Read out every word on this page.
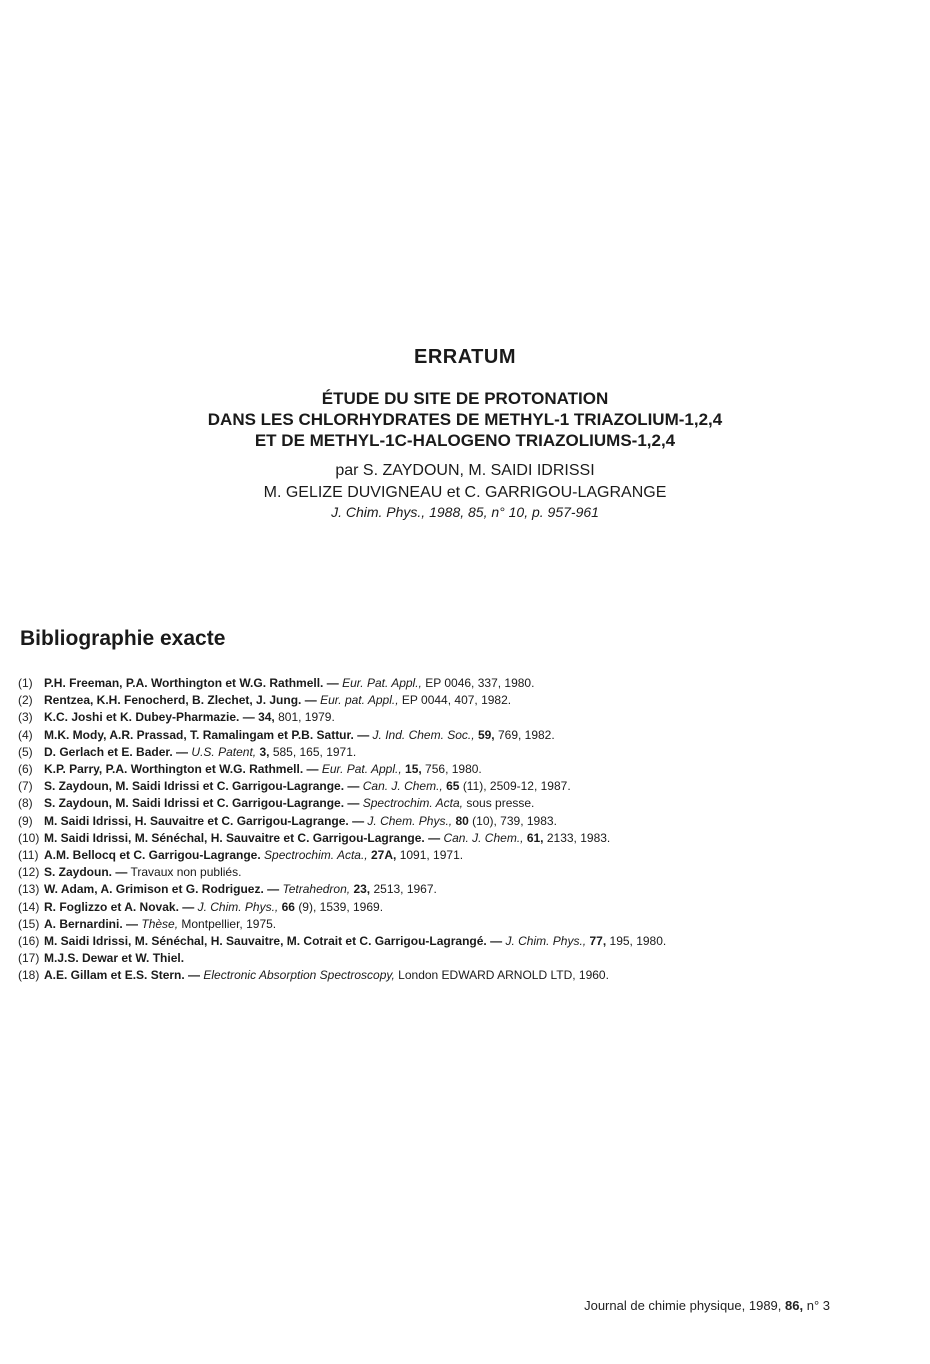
ERRATUM
ÉTUDE DU SITE DE PROTONATION
DANS LES CHLORHYDRATES DE METHYL-1 TRIAZOLIUM-1,2,4
ET DE METHYL-1C-HALOGENO TRIAZOLIUMS-1,2,4
par S. ZAYDOUN, M. SAIDI IDRISSI
M. GELIZE DUVIGNEAU et C. GARRIGOU-LAGRANGE
J. Chim. Phys., 1988, 85, n° 10, p. 957-961
Bibliographie exacte
(1) P.H. Freeman, P.A. Worthington et W.G. Rathmell. — Eur. Pat. Appl., EP 0046, 337, 1980.
(2) Rentzea, K.H. Fenocherd, B. Zlechet, J. Jung. — Eur. pat. Appl., EP 0044, 407, 1982.
(3) K.C. Joshi et K. Dubey-Pharmazie. — 34, 801, 1979.
(4) M.K. Mody, A.R. Prassad, T. Ramalingam et P.B. Sattur. — J. Ind. Chem. Soc., 59, 769, 1982.
(5) D. Gerlach et E. Bader. — U.S. Patent, 3, 585, 165, 1971.
(6) K.P. Parry, P.A. Worthington et W.G. Rathmell. — Eur. Pat. Appl., 15, 756, 1980.
(7) S. Zaydoun, M. Saidi Idrissi et C. Garrigou-Lagrange. — Can. J. Chem., 65 (11), 2509-12, 1987.
(8) S. Zaydoun, M. Saidi Idrissi et C. Garrigou-Lagrange. — Spectrochim. Acta, sous presse.
(9) M. Saidi Idrissi, H. Sauvaitre et C. Garrigou-Lagrange. — J. Chem. Phys., 80 (10), 739, 1983.
(10) M. Saidi Idrissi, M. Sénéchal, H. Sauvaitre et C. Garrigou-Lagrange. — Can. J. Chem., 61, 2133, 1983.
(11) A.M. Bellocq et C. Garrigou-Lagrange. Spectrochim. Acta., 27A, 1091, 1971.
(12) S. Zaydoun. — Travaux non publiés.
(13) W. Adam, A. Grimison et G. Rodriguez. — Tetrahedron, 23, 2513, 1967.
(14) R. Foglizzo et A. Novak. — J. Chim. Phys., 66 (9), 1539, 1969.
(15) A. Bernardini. — Thèse, Montpellier, 1975.
(16) M. Saidi Idrissi, M. Sénéchal, H. Sauvaitre, M. Cotrait et C. Garrigou-Lagrangé. — J. Chim. Phys., 77, 195, 1980.
(17) M.J.S. Dewar et W. Thiel.
(18) A.E. Gillam et E.S. Stern. — Electronic Absorption Spectroscopy, London EDWARD ARNOLD LTD, 1960.
Journal de chimie physique, 1989, 86, n° 3
